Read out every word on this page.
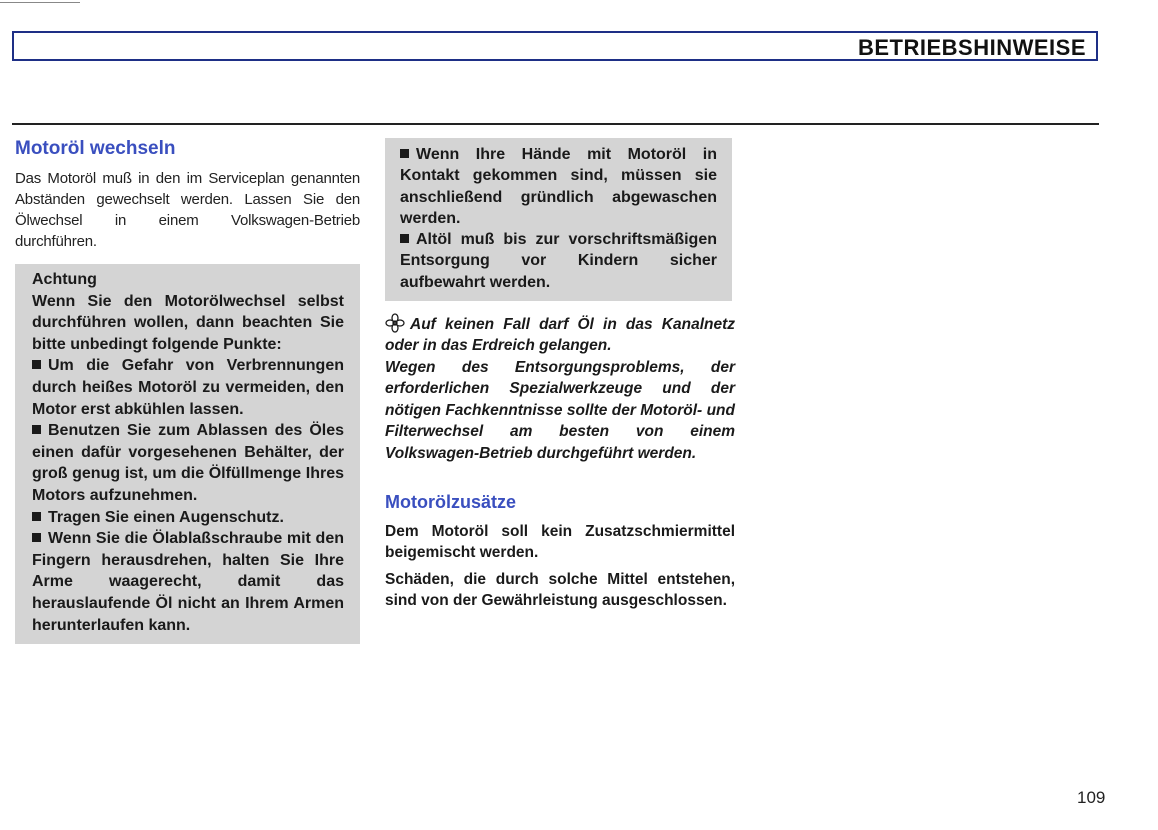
BETRIEBSHINWEISE
Motoröl wechseln

Das Motoröl muß in den im Serviceplan genannten Abständen gewechselt werden. Lassen Sie den Ölwechsel in einem Volkswagen-Betrieb durchführen.

Achtung

Wenn Sie den Motorölwechsel selbst durchführen wollen, dann beachten Sie bitte unbedingt folgende Punkte:

Um die Gefahr von Verbrennungen durch heißes Motoröl zu vermeiden, den Motor erst abkühlen lassen.

Benutzen Sie zum Ablassen des Öles einen dafür vorgesehenen Behälter, der groß genug ist, um die Ölfüllmenge Ihres Motors aufzunehmen.

Tragen Sie einen Augenschutz.

Wenn Sie die Ölablaßschraube mit den Fingern herausdrehen, halten Sie Ihre Arme waagerecht, damit das herauslaufende Öl nicht an Ihrem Armen herunterlaufen kann.

Wenn Ihre Hände mit Motoröl in Kontakt gekommen sind, müssen sie anschließend gründlich abgewaschen werden.

Altöl muß bis zur vorschriftsmäßigen Entsorgung vor Kindern sicher aufbewahrt werden.

Auf keinen Fall darf Öl in das Kanalnetz oder in das Erdreich gelangen.

Wegen des Entsorgungsproblems, der erforderlichen Spezialwerkzeuge und der nötigen Fachkenntnisse sollte der Motoröl- und Filterwechsel am besten von einem Volkswagen-Betrieb durchgeführt werden.

Motorölzusätze

Dem Motoröl soll kein Zusatzschmiermittel beigemischt werden.

Schäden, die durch solche Mittel entstehen, sind von der Gewährleistung ausgeschlossen.

109
